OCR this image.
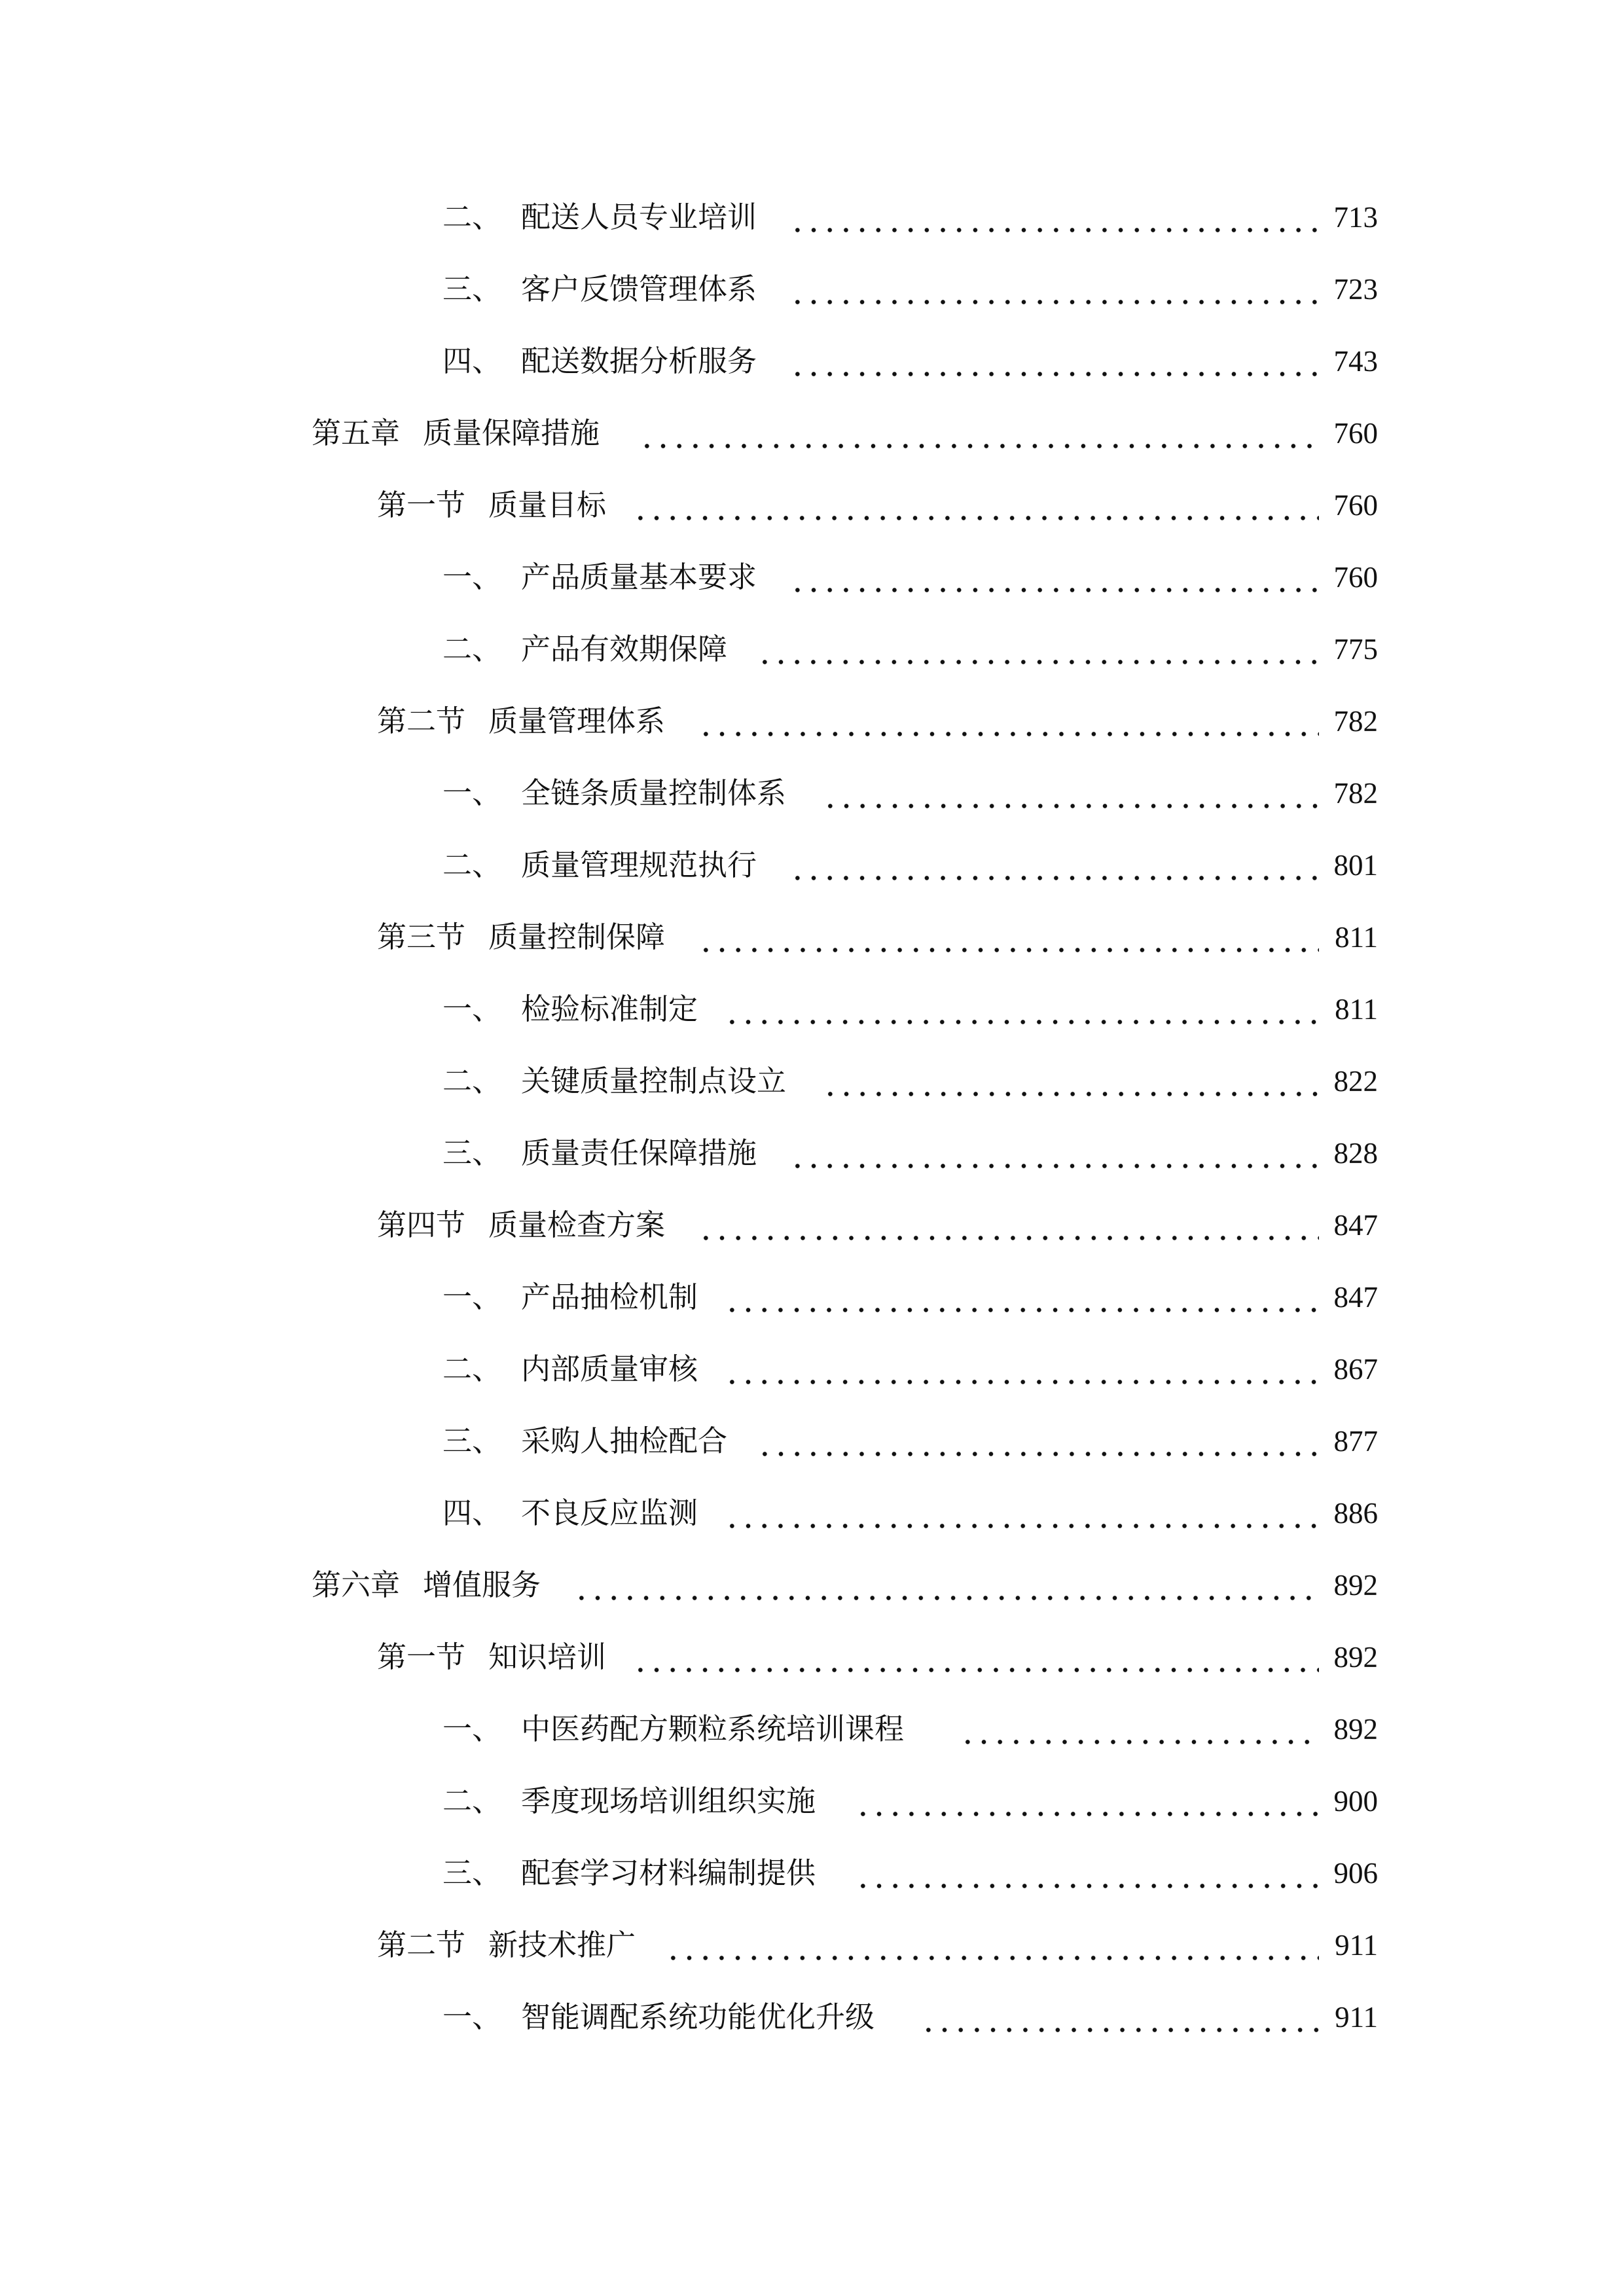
二、 配送人员专业培训	713
三、 客户反馈管理体系	723
四、 配送数据分析服务	743
第五章 质量保障措施	760
第一节 质量目标	760
一、 产品质量基本要求	760
二、 产品有效期保障	775
第二节 质量管理体系	782
一、 全链条质量控制体系	782
二、 质量管理规范执行	801
第三节 质量控制保障	811
一、 检验标准制定	811
二、 关键质量控制点设立	822
三、 质量责任保障措施	828
第四节 质量检查方案	847
一、 产品抽检机制	847
二、 内部质量审核	867
三、 采购人抽检配合	877
四、 不良反应监测	886
第六章 增值服务	892
第一节 知识培训	892
一、 中医药配方颗粒系统培训课程	892
二、 季度现场培训组织实施	900
三、 配套学习材料编制提供	906
第二节 新技术推广	911
一、 智能调配系统功能优化升级	911
